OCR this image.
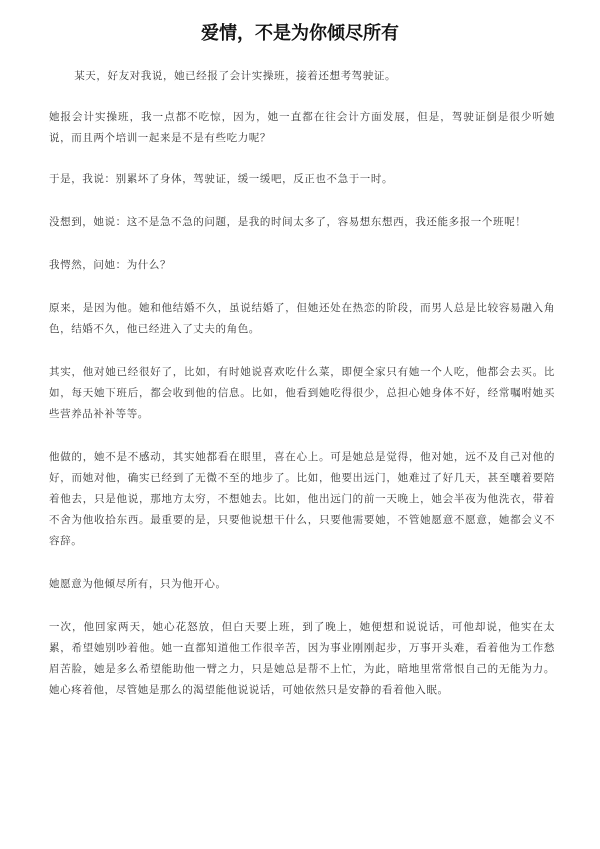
爱情，不是为你倾尽所有

某天，好友对我说，她已经报了会计实操班，接着还想考驾驶证。

她报会计实操班，我一点都不吃惊，因为，她一直都在往会计方面发展，但是，驾驶证倒是很少听她说，而且两个培训一起来是不是有些吃力呢？

于是，我说：别累坏了身体，驾驶证，缓一缓吧，反正也不急于一时。

没想到，她说：这不是急不急的问题，是我的时间太多了，容易想东想西，我还能多报一个班呢！

我愕然，问她：为什么？

原来，是因为他。她和他结婚不久，虽说结婚了，但她还处在热恋的阶段，而男人总是比较容易融入角色，结婚不久，他已经进入了丈夫的角色。

其实，他对她已经很好了，比如，有时她说喜欢吃什么菜，即便全家只有她一个人吃，他都会去买。比如，每天她下班后，都会收到他的信息。比如，他看到她吃得很少，总担心她身体不好，经常嘱咐她买些营养品补补等等。

他做的，她不是不感动，其实她都看在眼里，喜在心上。可是她总是觉得，他对她，远不及自己对他的好，而她对他，确实已经到了无微不至的地步了。比如，他要出远门，她难过了好几天，甚至嚷着要陪着他去，只是他说，那地方太穷，不想她去。比如，他出远门的前一天晚上，她会半夜为他洗衣，带着不舍为他收拾东西。最重要的是，只要他说想干什么，只要他需要她，不管她愿意不愿意，她都会义不容辞。

她愿意为他倾尽所有，只为他开心。

一次，他回家两天，她心花怒放，但白天要上班，到了晚上，她便想和说说话，可他却说，他实在太累，希望她别吵着他。她一直都知道他工作很辛苦，因为事业刚刚起步，万事开头难，看着他为工作愁眉苦脸，她是多么希望能助他一臂之力，只是她总是帮不上忙，为此，暗地里常常恨自己的无能为力。她心疼着他，尽管她是那么的渴望能他说说话，可她依然只是安静的看着他入眠。
